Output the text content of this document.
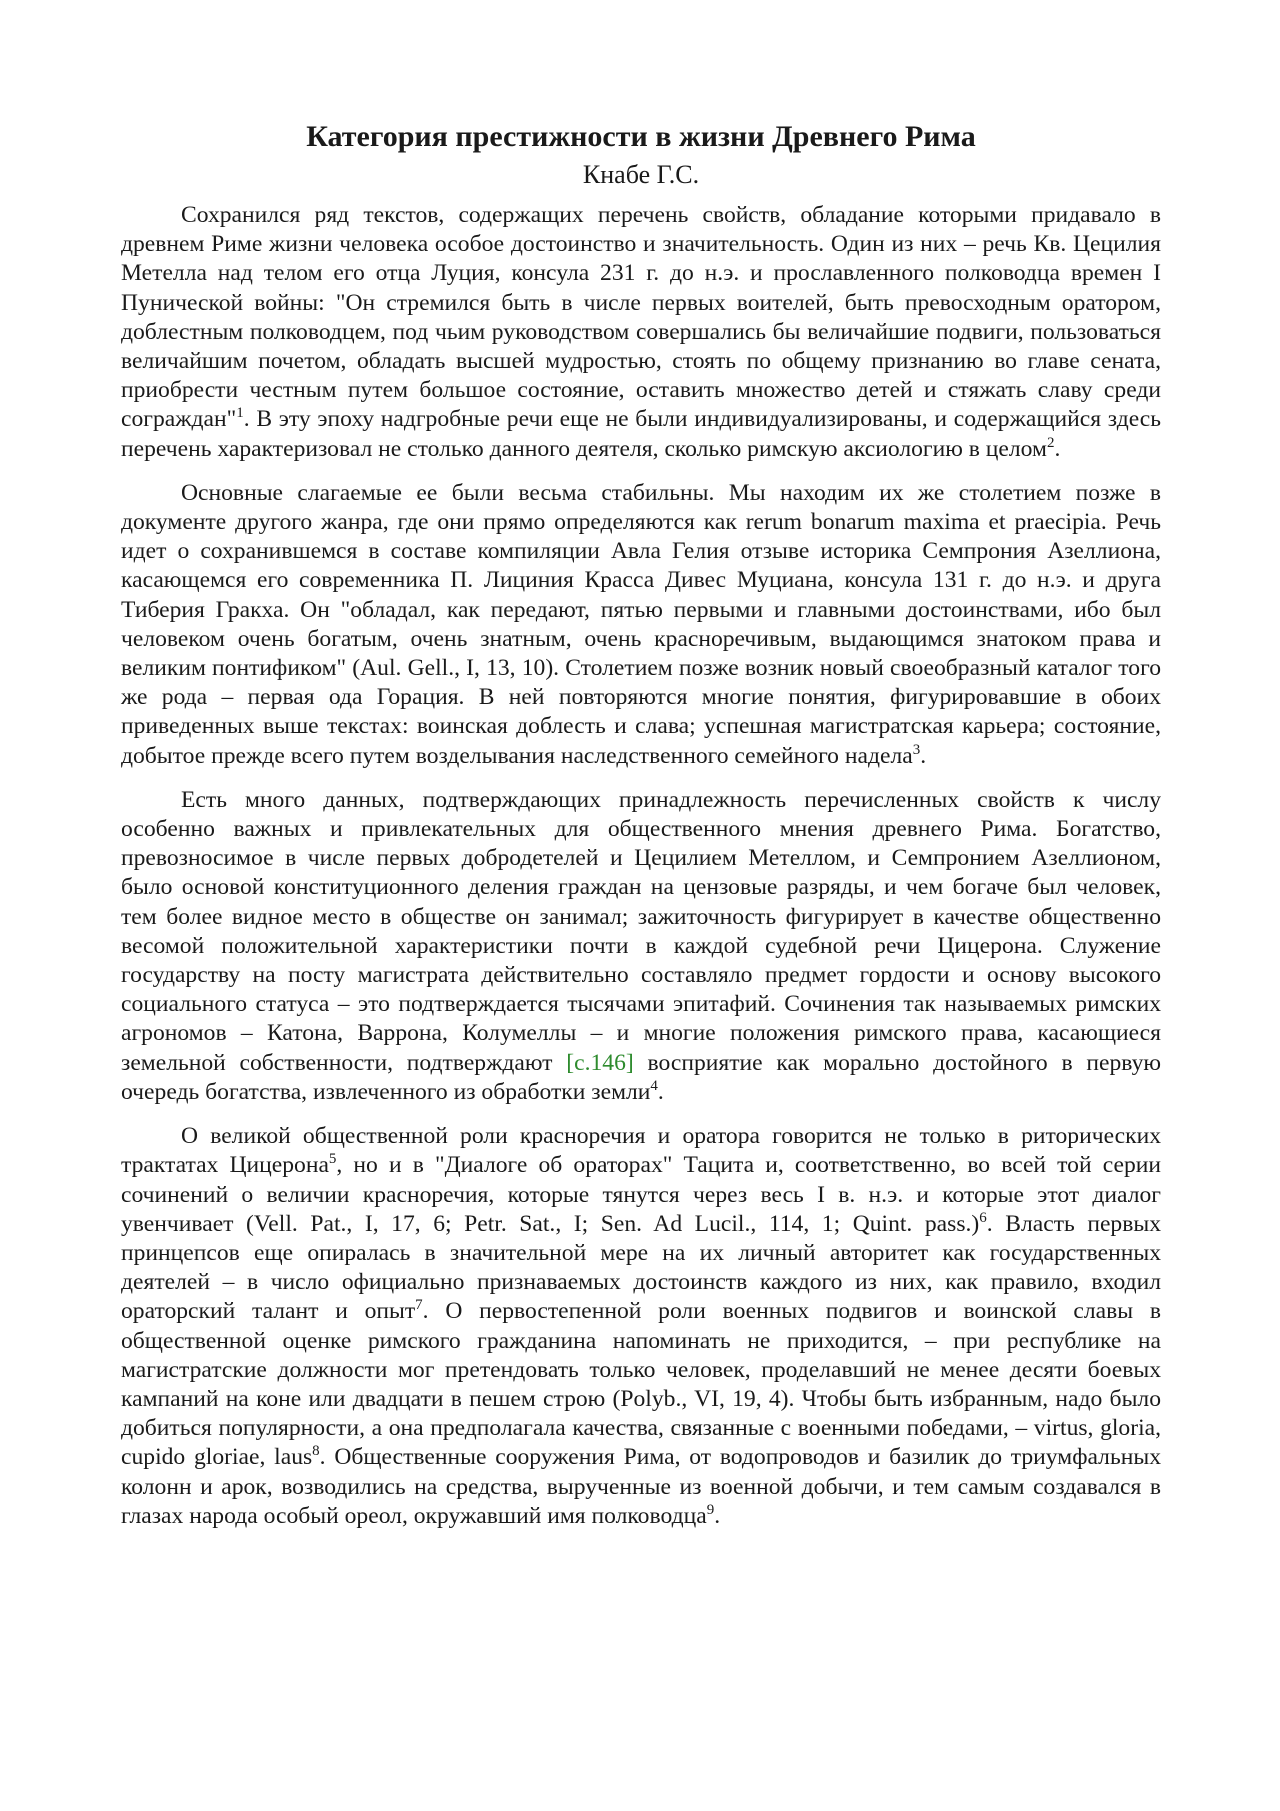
Категория престижности в жизни Древнего Рима
Кнабе Г.С.

Сохранился ряд текстов, содержащих перечень свойств, обладание которыми придавало в древнем Риме жизни человека особое достоинство и значительность. Один из них – речь Кв. Цецилия Метелла над телом его отца Луция, консула 231 г. до н.э. и прославленного полководца времен I Пунической войны: "Он стремился быть в числе первых воителей, быть превосходным оратором, доблестным полководцем, под чьим руководством совершались бы величайшие подвиги, пользоваться величайшим почетом, обладать высшей мудростью, стоять по общему признанию во главе сената, приобрести честным путем большое состояние, оставить множество детей и стяжать славу среди сограждан"$^1$. В эту эпоху надгробные речи еще не были индивидуализированы, и содержащийся здесь перечень характеризовал не столько данного деятеля, сколько римскую аксиологию в целом$^2$.

Основные слагаемые ее были весьма стабильны. Мы находим их же столетием позже в документе другого жанра, где они прямо определяются как rerum bonarum maxima et praecipia. Речь идет о сохранившемся в составе компиляции Авла Гелия отзыве историка Семпрония Азеллиона, касающемся его современника П. Лициния Красса Дивес Муциана, консула 131 г. до н.э. и друга Тиберия Гракха. Он "обладал, как передают, пятью первыми и главными достоинствами, ибо был человеком очень богатым, очень знатным, очень красноречивым, выдающимся знатоком права и великим понтификом" (Aul. Gell., I, 13, 10). Столетием позже возник новый своеобразный каталог того же рода – первая ода Горация. В ней повторяются многие понятия, фигурировавшие в обоих приведенных выше текстах: воинская доблесть и слава; успешная магистратская карьера; состояние, добытое прежде всего путем возделывания наследственного семейного надела$^3$.

Есть много данных, подтверждающих принадлежность перечисленных свойств к числу особенно важных и привлекательных для общественного мнения древнего Рима. Богатство, превозносимое в числе первых добродетелей и Цецилием Метеллом, и Семпронием Азеллионом, было основой конституционного деления граждан на цензовые разряды, и чем богаче был человек, тем более видное место в обществе он занимал; зажиточность фигурирует в качестве общественно весомой положительной характеристики почти в каждой судебной речи Цицерона. Служение государству на посту магистрата действительно составляло предмет гордости и основу высокого социального статуса – это подтверждается тысячами эпитафий. Сочинения так называемых римских агрономов – Катона, Варрона, Колумеллы – и многие положения римского права, касающиеся земельной собственности, подтверждают [с.146] восприятие как морально достойного в первую очередь богатства, извлеченного из обработки земли$^4$.

О великой общественной роли красноречия и оратора говорится не только в риторических трактатах Цицерона$^5$, но и в "Диалоге об ораторах" Тацита и, соответственно, во всей той серии сочинений о величии красноречия, которые тянутся через весь I в. н.э. и которые этот диалог увенчивает (Vell. Pat., I, 17, 6; Petr. Sat., I; Sen. Ad Lucil., 114, 1; Quint. pass.)$^6$. Власть первых принцепсов еще опиралась в значительной мере на их личный авторитет как государственных деятелей – в число официально признаваемых достоинств каждого из них, как правило, входил ораторский талант и опыт$^7$. О первостепенной роли военных подвигов и воинской славы в общественной оценке римского гражданина напоминать не приходится, – при республике на магистратские должности мог претендовать только человек, проделавший не менее десяти боевых кампаний на коне или двадцати в пешем строю (Polyb., VI, 19, 4). Чтобы быть избранным, надо было добиться популярности, а она предполагала качества, связанные с военными победами, – virtus, gloria, cupido gloriae, laus$^8$. Общественные сооружения Рима, от водопроводов и базилик до триумфальных колонн и арок, возводились на средства, вырученные из военной добычи, и тем самым создавался в глазах народа особый ореол, окружавший имя полководца$^9$.
